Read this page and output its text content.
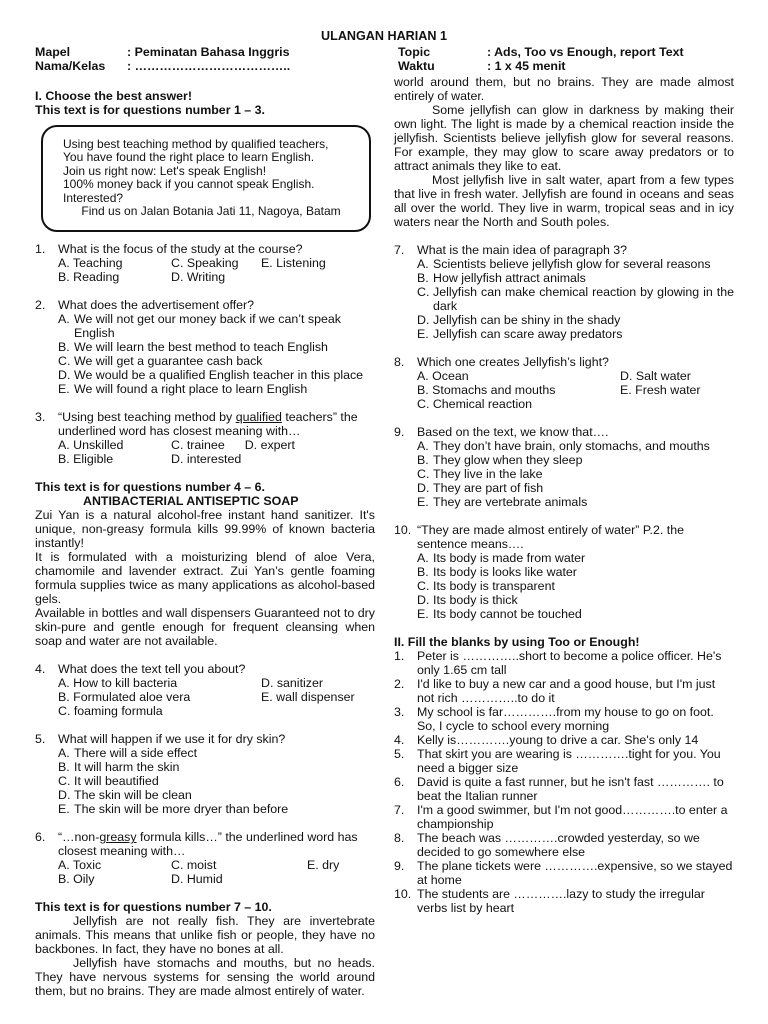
ULANGAN HARIAN 1
Mapel	: Peminatan Bahasa Inggris
Nama/Kelas : ………………………………..
Topic	: Ads, Too vs Enough, report Text
Waktu	: 1 x 45 menit
I. Choose the best answer!
This text is for questions number 1 – 3.
Using best teaching method by qualified teachers,
You have found the right place to learn English.
Join us right now: Let's speak English!
100% money back if you cannot speak English.
Interested?
Find us on Jalan Botania Jati 11, Nagoya, Batam
1.	What is the focus of the study at the course?
A. Teaching	C. Speaking	E. Listening
B. Reading	D. Writing
2.	What does the advertisement offer?
A. We will not get our money back if we can’t speak English
B. We will learn the best method to teach English
C. We will get a guarantee cash back
D. We would be a qualified English teacher in this place
E. We will found a right place to learn English
3.	“Using best teaching method by qualified teachers” the underlined word has closest meaning with…
A. Unskilled	C. trainee D. expert
B. Eligible	D. interested
This text is for questions number 4 – 6.
ANTIBACTERIAL ANTISEPTIC SOAP
Zui Yan is a natural alcohol-free instant hand sanitizer. It's unique, non-greasy formula kills 99.99% of known bacteria instantly!
It is formulated with a moisturizing blend of aloe Vera, chamomile and lavender extract. Zui Yan’s gentle foaming formula supplies twice as many applications as alcohol-based gels.
Available in bottles and wall dispensers Guaranteed not to dry skin-pure and gentle enough for frequent cleansing when soap and water are not available.
4.	What does the text tell you about?
A. How to kill bacteria	D. sanitizer
B. Formulated aloe vera	E. wall dispenser
C. foaming formula
5.	What will happen if we use it for dry skin?
A. There will a side effect
B. It will harm the skin
C. It will beautified
D. The skin will be clean
E. The skin will be more dryer than before
6.	“…non-greasy formula kills…” the underlined word has closest meaning with…
A. Toxic	C. moist	E. dry
B. Oily	D. Humid
This text is for questions number 7 – 10.
Jellyfish are not really fish. They are invertebrate animals. This means that unlike fish or people, they have no backbones. In fact, they have no bones at all.
Jellyfish have stomachs and mouths, but no heads. They have nervous systems for sensing the world around them, but no brains. They are made almost entirely of water.
world around them, but no brains. They are made almost entirely of water.
Some jellyfish can glow in darkness by making their own light. The light is made by a chemical reaction inside the jellyfish. Scientists believe jellyfish glow for several reasons. For example, they may glow to scare away predators or to attract animals they like to eat.
Most jellyfish live in salt water, apart from a few types that live in fresh water. Jellyfish are found in oceans and seas all over the world. They live in warm, tropical seas and in icy waters near the North and South poles.
7.	What is the main idea of paragraph 3?
A. Scientists believe jellyfish glow for several reasons
B. How jellyfish attract animals
C. Jellyfish can make chemical reaction by glowing in the dark
D. Jellyfish can be shiny in the shady
E. Jellyfish can scare away predators
8.	Which one creates Jellyfish’s light?
A. Ocean	D. Salt water
B. Stomachs and mouths	E. Fresh water
C. Chemical reaction
9.	Based on the text, we know that….
A. They don’t have brain, only stomachs, and mouths
B. They glow when they sleep
C. They live in the lake
D. They are part of fish
E. They are vertebrate animals
10. “They are made almost entirely of water” P.2. the sentence means….
A. Its body is made from water
B. Its body is looks like water
C. Its body is transparent
D. Its body is thick
E. Its body cannot be touched
II. Fill the blanks by using Too or Enough!
1.	Peter is …………..short to become a police officer. He's only 1.65 cm tall
2.	I'd like to buy a new car and a good house, but I'm just not rich …………..to do it
3.	My school is far………….from my house to go on foot. So, I cycle to school every morning
4.	Kelly is………….young to drive a car. She's only 14
5.	That skirt you are wearing is ………….tight for you. You need a bigger size
6.	David is quite a fast runner, but he isn't fast …………. to beat the Italian runner
7.	I'm a good swimmer, but I'm not good………….to enter a championship
8.	The beach was ………….crowded yesterday, so we decided to go somewhere else
9.	The plane tickets were ………….expensive, so we stayed at home
10. The students are ………….lazy to study the irregular verbs list by heart
